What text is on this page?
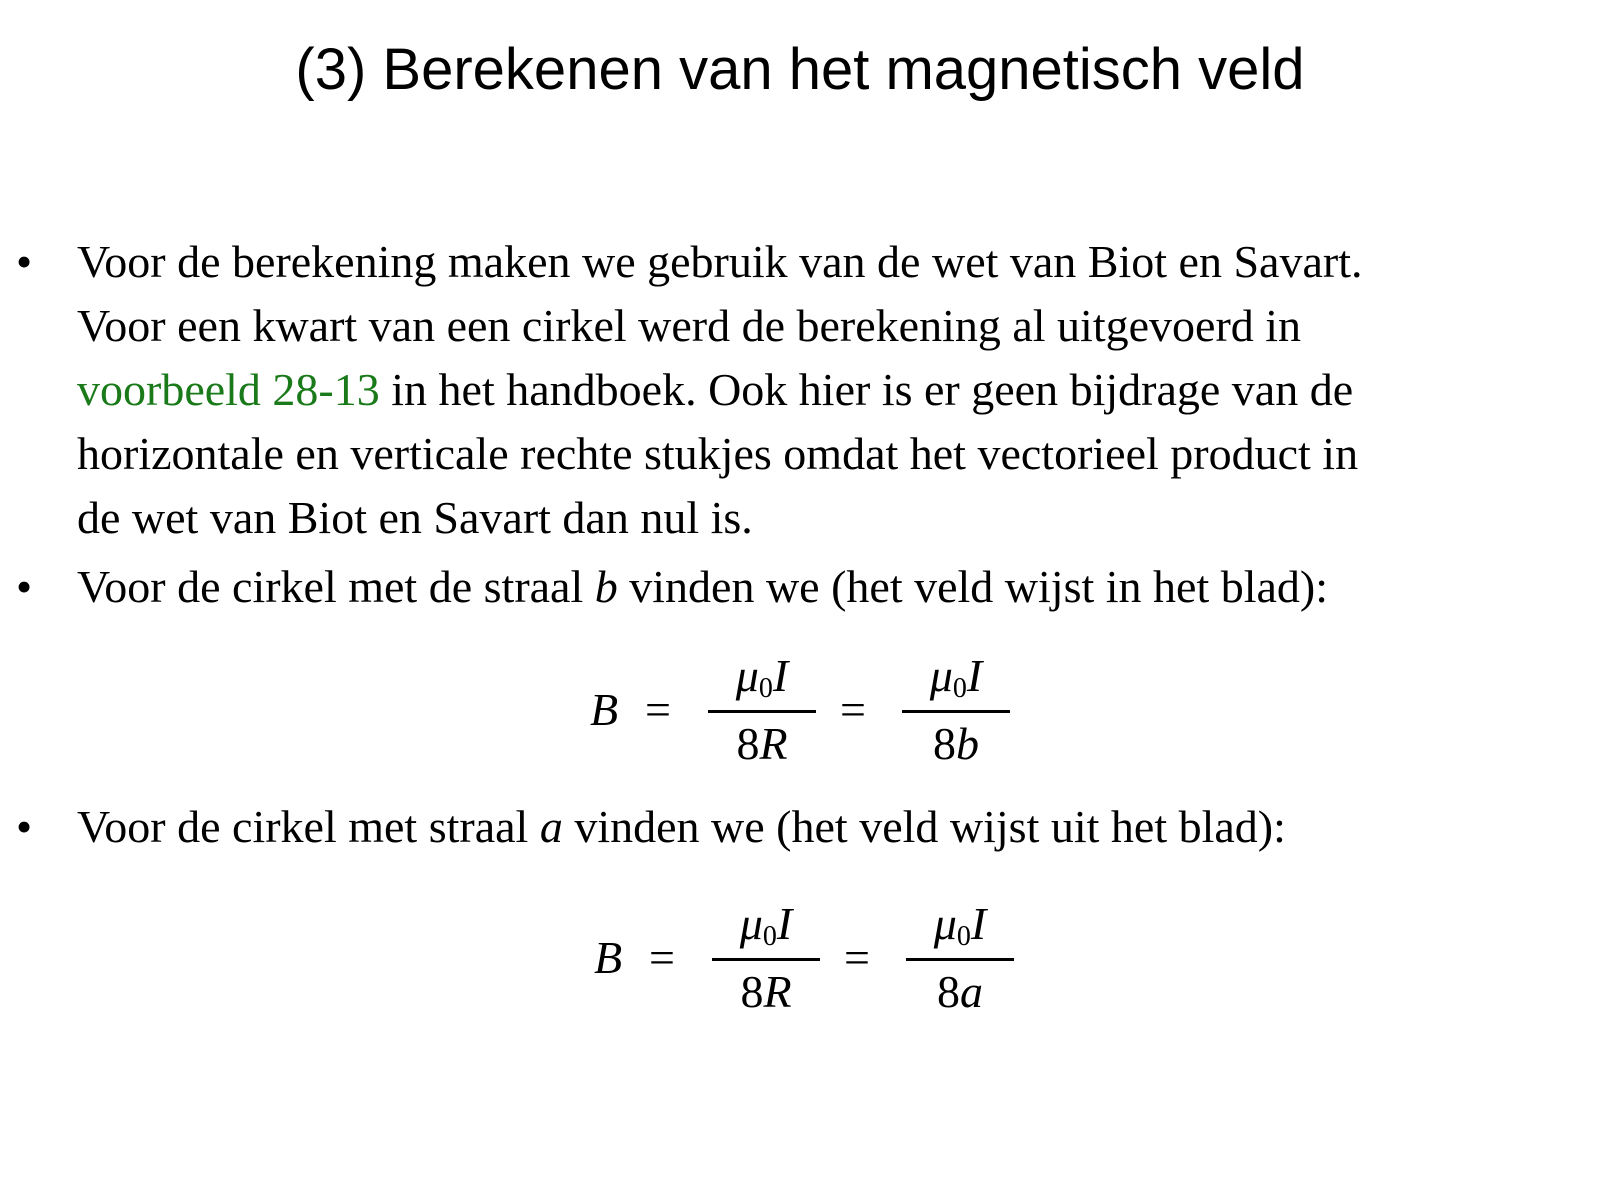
(3) Berekenen van het magnetisch veld
• Voor de berekening maken we gebruik van de wet van Biot en Savart.
Voor een kwart van een cirkel werd de berekening al uitgevoerd in
voorbeeld 28-13 in het handboek. Ook hier is er geen bijdrage van de
horizontale en verticale rechte stukjes omdat het vectorieel product in
de wet van Biot en Savart dan nul is.
• Voor de cirkel met de straal b vinden we (het veld wijst in het blad):
B =
$\mu_0I$
8R
=
$\mu_0I$
8b
• Voor de cirkel met straal a vinden we (het veld wijst uit het blad):
B =
$\mu_0I$
8R
=
$\mu_0I$
8a
